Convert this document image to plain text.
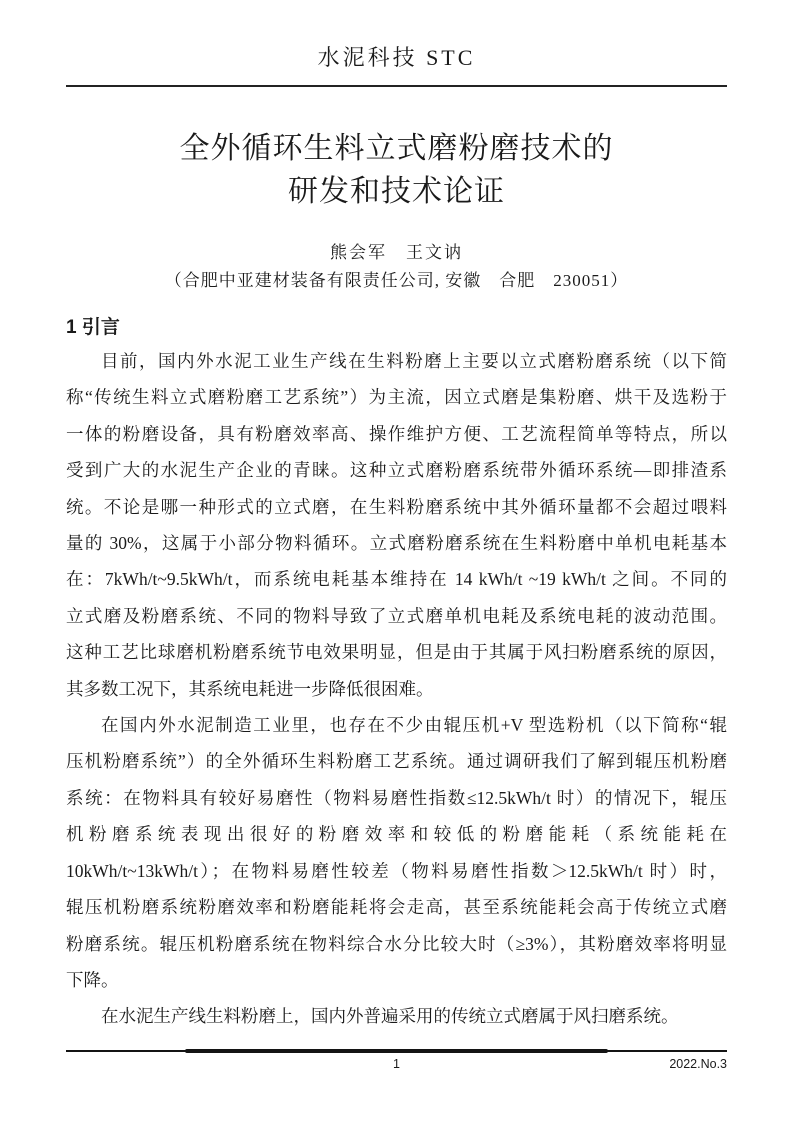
水泥科技 STC
全外循环生料立式磨粉磨技术的
研发和技术论证
熊会军　王文讷
（合肥中亚建材装备有限责任公司, 安徽　合肥　230051）
1 引言
目前，国内外水泥工业生产线在生料粉磨上主要以立式磨粉磨系统（以下简
称“传统生料立式磨粉磨工艺系统”）为主流，因立式磨是集粉磨、烘干及选粉于
一体的粉磨设备，具有粉磨效率高、操作维护方便、工艺流程简单等特点，所以
受到广大的水泥生产企业的青睐。这种立式磨粉磨系统带外循环系统—即排渣系
统。不论是哪一种形式的立式磨，在生料粉磨系统中其外循环量都不会超过喂料
量的 30%，这属于小部分物料循环。立式磨粉磨系统在生料粉磨中单机电耗基本
在：7kWh/t~9.5kWh/t，而系统电耗基本维持在 14 kWh/t ~19 kWh/t 之间。不同的
立式磨及粉磨系统、不同的物料导致了立式磨单机电耗及系统电耗的波动范围。
这种工艺比球磨机粉磨系统节电效果明显，但是由于其属于风扫粉磨系统的原因，
其多数工况下，其系统电耗进一步降低很困难。
在国内外水泥制造工业里，也存在不少由辊压机+V 型选粉机（以下简称“辊
压机粉磨系统”）的全外循环生料粉磨工艺系统。通过调研我们了解到辊压机粉磨
系统：在物料具有较好易磨性（物料易磨性指数≤12.5kWh/t 时）的情况下，辊压
机粉磨系统表现出很好的粉磨效率和较低的粉磨能耗（系统能耗在
10kWh/t~13kWh/t）；在物料易磨性较差（物料易磨性指数＞12.5kWh/t 时）时，
辊压机粉磨系统粉磨效率和粉磨能耗将会走高，甚至系统能耗会高于传统立式磨
粉磨系统。辊压机粉磨系统在物料综合水分比较大时（≥3%），其粉磨效率将明显
下降。
在水泥生产线生料粉磨上，国内外普遍采用的传统立式磨属于风扫磨系统。
1	2022.No.3
